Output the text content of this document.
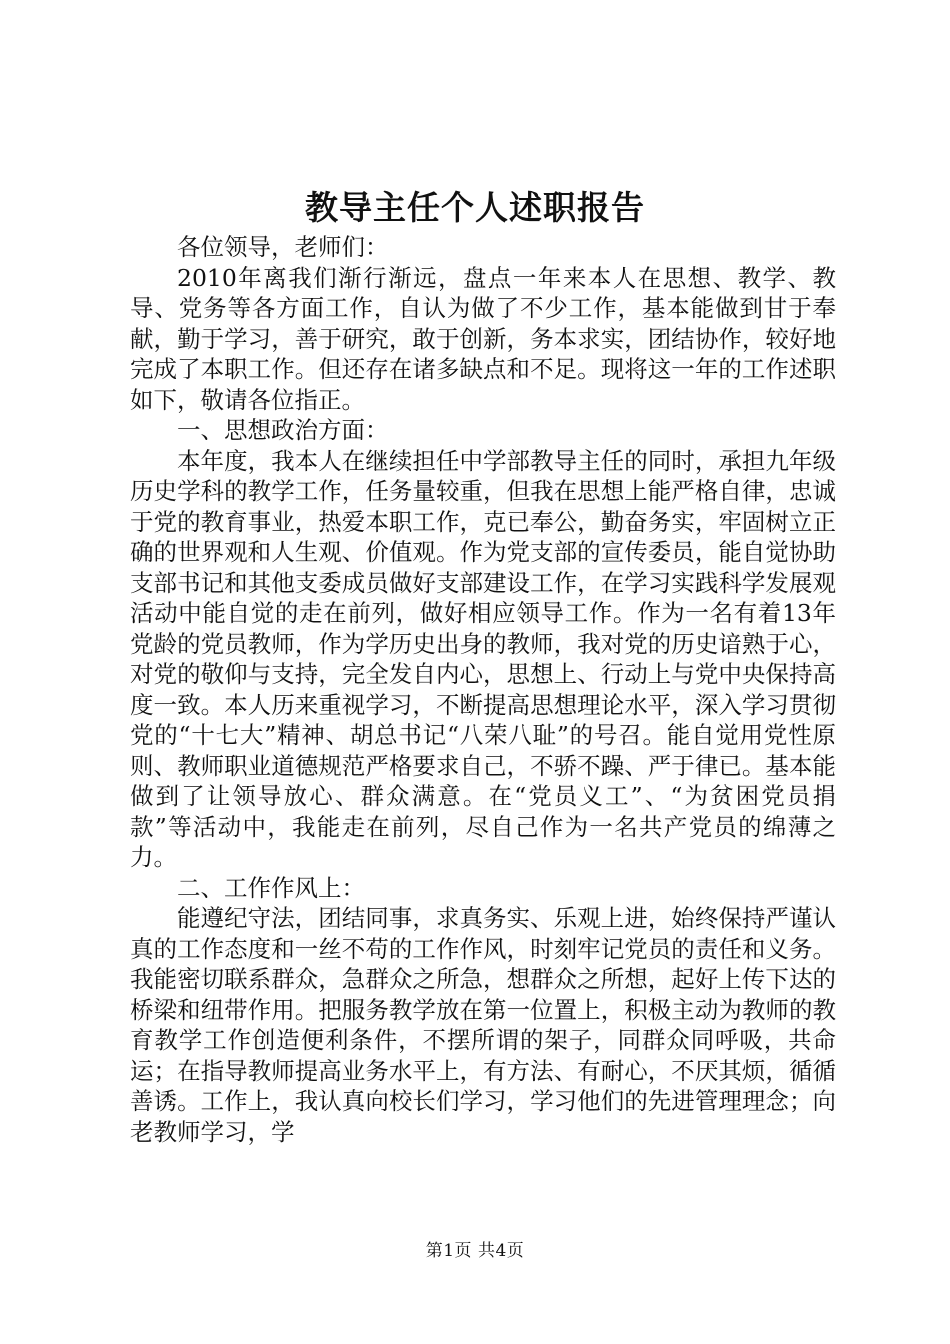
教导主任个人述职报告

各位领导，老师们：

2010年离我们渐行渐远，盘点一年来本人在思想、教学、教导、党务等各方面工作，自认为做了不少工作，基本能做到甘于奉献，勤于学习，善于研究，敢于创新，务本求实，团结协作，较好地完成了本职工作。但还存在诸多缺点和不足。现将这一年的工作述职如下，敬请各位指正。

一、思想政治方面：

本年度，我本人在继续担任中学部教导主任的同时，承担九年级历史学科的教学工作，任务量较重，但我在思想上能严格自律，忠诚于党的教育事业，热爱本职工作，克已奉公，勤奋务实，牢固树立正确的世界观和人生观、价值观。作为党支部的宣传委员，能自觉协助支部书记和其他支委成员做好支部建设工作，在学习实践科学发展观活动中能自觉的走在前列，做好相应领导工作。作为一名有着13年党龄的党员教师，作为学历史出身的教师，我对党的历史谙熟于心，对党的敬仰与支持，完全发自内心，思想上、行动上与党中央保持高度一致。本人历来重视学习，不断提高思想理论水平，深入学习贯彻党的“十七大”精神、胡总书记“八荣八耻”的号召。能自觉用党性原则、教师职业道德规范严格要求自己，不骄不躁、严于律已。基本能做到了让领导放心、群众满意。在“党员义工”、“为贫困党员捐款”等活动中，我能走在前列，尽自己作为一名共产党员的绵薄之力。

二、工作作风上：

能遵纪守法，团结同事，求真务实、乐观上进，始终保持严谨认真的工作态度和一丝不苟的工作作风，时刻牢记党员的责任和义务。我能密切联系群众，急群众之所急，想群众之所想，起好上传下达的桥梁和纽带作用。把服务教学放在第一位置上，积极主动为教师的教育教学工作创造便利条件，不摆所谓的架子，同群众同呼吸，共命运；在指导教师提高业务水平上，有方法、有耐心，不厌其烦，循循善诱。工作上，我认真向校长们学习，学习他们的先进管理理念；向老教师学习，学

第1页 共4页
